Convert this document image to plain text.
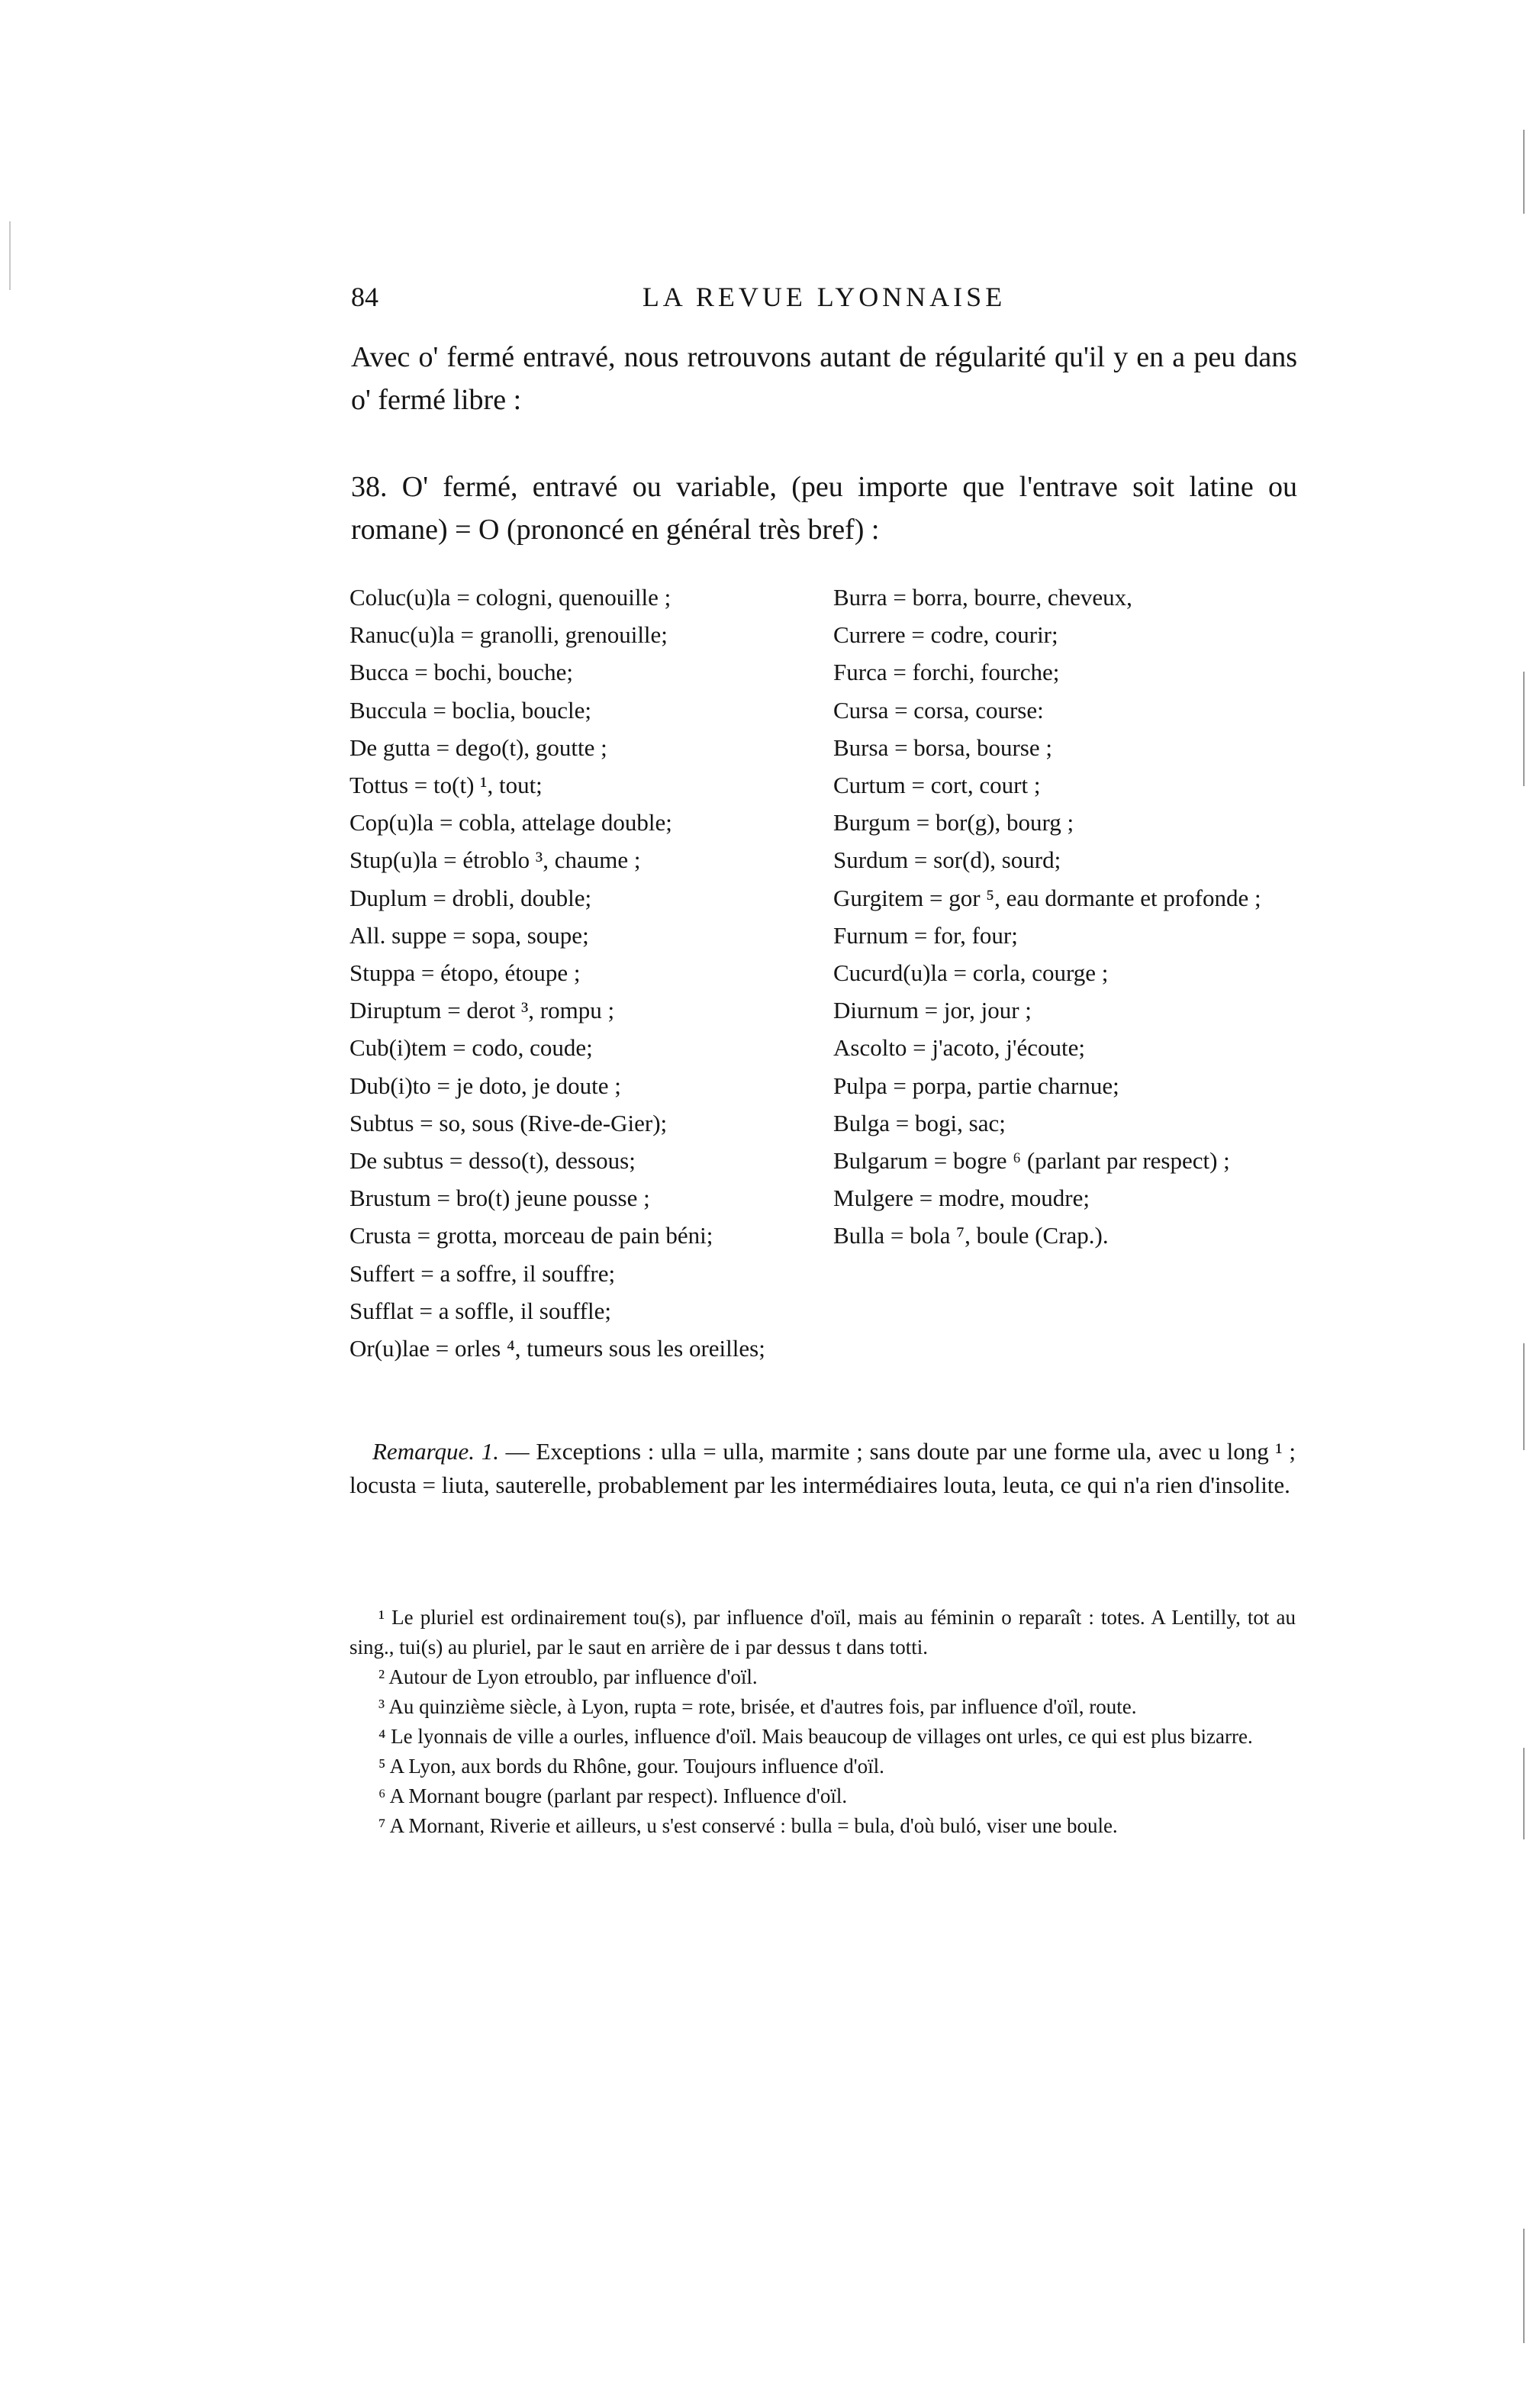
84	LA REVUE LYONNAISE
Avec o' fermé entravé, nous retrouvons autant de régularité qu'il y en a peu dans o' fermé libre :
38. O' fermé, entravé ou variable, (peu importe que l'entrave soit latine ou romane) = O (prononcé en général très bref) :
Coluc(u)la = cologni, quenouille ;
Ranuc(u)la = granolli, grenouille;
Bucca = bochi, bouche;
Buccula = boclia, boucle;
De gutta = dego(t), goutte ;
Tottus = to(t) ¹, tout;
Cop(u)la = cobla, attelage double;
Stup(u)la = étroblo ³, chaume ;
Duplum = drobli, double;
All. suppe = sopa, soupe;
Stuppa = étopo, étoupe ;
Diruptum = derot ³, rompu ;
Cub(i)tem = codo, coude;
Dub(i)to = je doto, je doute ;
Subtus = so, sous (Rive-de-Gier);
De subtus = desso(t), dessous;
Brustum = bro(t) jeune pousse ;
Crusta = grotta, morceau de pain béni;
Suffert = a soffre, il souffre;
Sufflat = a soffle, il souffle;
Or(u)lae = orles ⁴, tumeurs sous les oreilles;
Burra = borra, bourre, cheveux,
Currere = codre, courir;
Furca = forchi, fourche;
Cursa = corsa, course:
Bursa = borsa, bourse ;
Curtum = cort, court ;
Burgum = bor(g), bourg ;
Surdum = sor(d), sourd;
Gurgitem = gor ⁵, eau dormante et profonde ;
Furnum = for, four;
Cucurd(u)la = corla, courge ;
Diurnum = jor, jour ;
Ascolto = j'acoto, j'écoute;
Pulpa = porpa, partie charnue;
Bulga = bogi, sac;
Bulgarum = bogre ⁶ (parlant par respect) ;
Mulgere = modre, moudre;
Bulla = bola ⁷, boule (Crap.).
Remarque. 1. — Exceptions : ulla = ulla, marmite ; sans doute par une forme ula, avec u long ¹ ; locusta = liuta, sauterelle, probablement par les intermédiaires louta, leuta, ce qui n'a rien d'insolite.
¹ Le pluriel est ordinairement tou(s), par influence d'oïl, mais au féminin o reparaît : totes. A Lentilly, tot au sing., tui(s) au pluriel, par le saut en arrière de i par dessus t dans totti.
² Autour de Lyon etroublo, par influence d'oïl.
³ Au quinzième siècle, à Lyon, rupta = rote, brisée, et d'autres fois, par influence d'oïl, route.
⁴ Le lyonnais de ville a ourles, influence d'oïl. Mais beaucoup de villages ont urles, ce qui est plus bizarre.
⁵ A Lyon, aux bords du Rhône, gour. Toujours influence d'oïl.
⁶ A Mornant bougre (parlant par respect). Influence d'oïl.
⁷ A Mornant, Riverie et ailleurs, u s'est conservé : bulla = bula, d'où buló, viser une boule.
